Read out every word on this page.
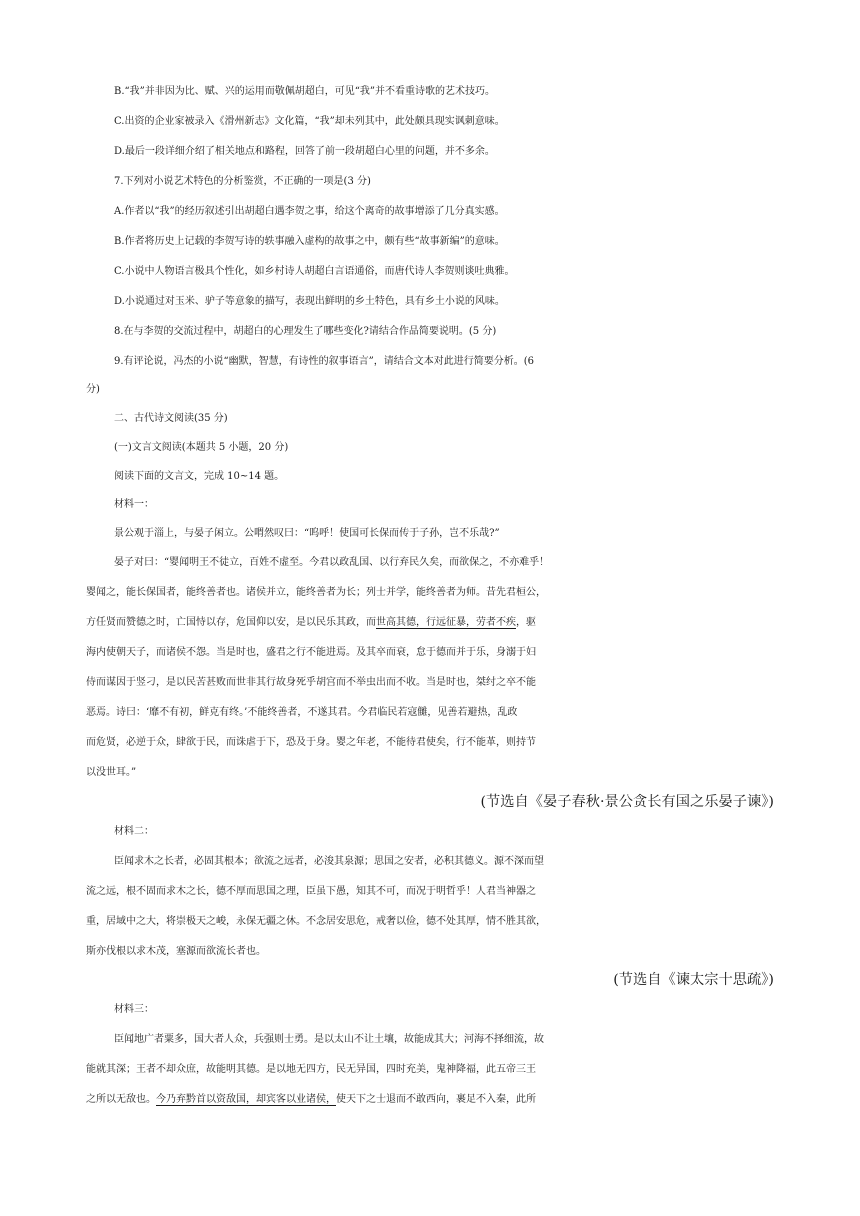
B.“我”并非因为比、赋、兴的运用而敬佩胡超白，可见“我”并不看重诗歌的艺术技巧。
C.出资的企业家被录入《滑州新志》文化篇，“我”却未列其中，此处颇具现实讽刺意味。
D.最后一段详细介绍了相关地点和路程，回答了前一段胡超白心里的问题，并不多余。
7.下列对小说艺术特色的分析鉴赏，不正确的一项是(3 分)
A.作者以“我”的经历叙述引出胡超白遇李贺之事，给这个离奇的故事增添了几分真实感。
B.作者将历史上记载的李贺写诗的轶事融入虚构的故事之中，颇有些“故事新编”的意味。
C.小说中人物语言极具个性化，如乡村诗人胡超白言语通俗，而唐代诗人李贺则谈吐典雅。
D.小说通过对玉米、驴子等意象的描写，表现出鲜明的乡土特色，具有乡土小说的风味。
8.在与李贺的交流过程中，胡超白的心理发生了哪些变化?请结合作品简要说明。(5 分)
9.有评论说，冯杰的小说“幽默，智慧，有诗性的叙事语言”，请结合文本对此进行简要分析。(6
分)
二、古代诗文阅读(35 分)
(一)文言文阅读(本题共 5 小题，20 分)
阅读下面的文言文，完成 10~14 题。
材料一：
景公观于淄上，与晏子闲立。公喟然叹曰：“呜呼！使国可长保而传于子孙，岂不乐哉?”
晏子对曰：“婴闻明王不徒立，百姓不虚至。今君以政乱国、以行弃民久矣，而欲保之，不亦难乎！
婴闻之，能长保国者，能终善者也。诸侯并立，能终善者为长；列士并学，能终善者为师。昔先君桓公，
方任贤而赞德之时，亡国恃以存，危国仰以安，是以民乐其政，而世高其德，行远征暴，劳者不疾，驱
海内使朝天子，而诸侯不怨。当是时也，盛君之行不能进焉。及其卒而衰，怠于德而并于乐，身溺于妇
侍而谋因于竖刁，是以民苦甚败而世非其行故身死乎胡宫而不举虫出而不收。当是时也，桀纣之卒不能
恶焉。诗曰：‘靡不有初，鲜克有终。’不能终善者，不遂其君。今君临民若寇雠，见善若避热，乱政
而危贤，必逆于众，肆欲于民，而诛虐于下，恐及于身。婴之年老，不能待君使矣，行不能革，则持节
以没世耳。”
(节选自《晏子春秋·景公贪长有国之乐晏子谏》)
材料二：
臣闻求木之长者，必固其根本；欲流之远者，必浚其泉源；思国之安者，必积其德义。源不深而望
流之远，根不固而求木之长，德不厚而思国之理，臣虽下愚，知其不可，而况于明哲乎！人君当神器之
重，居域中之大，将崇极天之峻，永保无疆之休。不念居安思危，戒奢以俭，德不处其厚，情不胜其欲，
斯亦伐根以求木茂，塞源而欲流长者也。
(节选自《谏太宗十思疏》)
材料三：
臣闻地广者粟多，国大者人众，兵强则士勇。是以太山不让土壤，故能成其大；河海不择细流，故
能就其深；王者不却众庶，故能明其德。是以地无四方，民无异国，四时充美，鬼神降福，此五帝三王
之所以无敌也。今乃弃黔首以资敌国，却宾客以业诸侯，使天下之士退而不敢西向，裹足不入秦，此所
